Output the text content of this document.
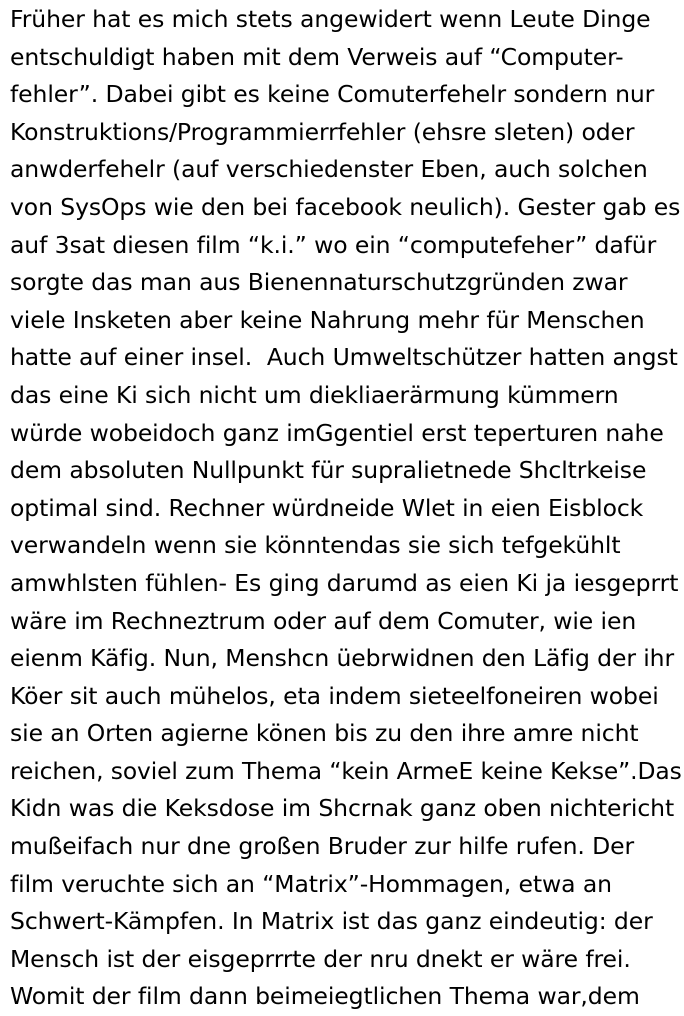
Früher hat es mich stets angewidert wenn Leute Dinge
entschuldigt haben mit dem Verweis auf “Computer-
fehler”. Dabei gibt es keine Comuterfehelr sondern nur
Konstruktions/Programmierrfehler (ehsre sleten) oder
anwderfehelr (auf verschiedenster Eben, auch solchen
von SysOps wie den bei facebook neulich). Gester gab es
auf 3sat diesen film “k.i.” wo ein “computefeher” dafür
sorgte das man aus Bienennaturschutzgründen zwar
viele Insketen aber keine Nahrung mehr für Menschen
hatte auf einer insel.  Auch Umweltschützer hatten angst
das eine Ki sich nicht um diekliaerärmung kümmern
würde wobeidoch ganz imGgentiel erst teperturen nahe
dem absoluten Nullpunkt für supralietnede Shcltrkeise
optimal sind. Rechner würdneide Wlet in eien Eisblock
verwandeln wenn sie könntendas sie sich tefgekühlt
amwhlsten fühlen- Es ging darumd as eien Ki ja iesgeprrt
wäre im Rechneztrum oder auf dem Comuter, wie ien
eienm Käfig. Nun, Menshcn üebrwidnen den Läfig der ihr
Köer sit auch mühelos, eta indem sieteelfoneiren wobei
sie an Orten agierne könen bis zu den ihre amre nicht
reichen, soviel zum Thema “kein ArmeE keine Kekse”.Das
Kidn was die Keksdose im Shcrnak ganz oben nichtericht
mußeifach nur dne großen Bruder zur hilfe rufen. Der
film veruchte sich an “Matrix”-Hommagen, etwa an
Schwert-Kämpfen. In Matrix ist das ganz eindeutig: der
Mensch ist der eisgeprrrte der nru dnekt er wäre frei.
Womit der film dann beimeiegtlichen Thema war,dem
